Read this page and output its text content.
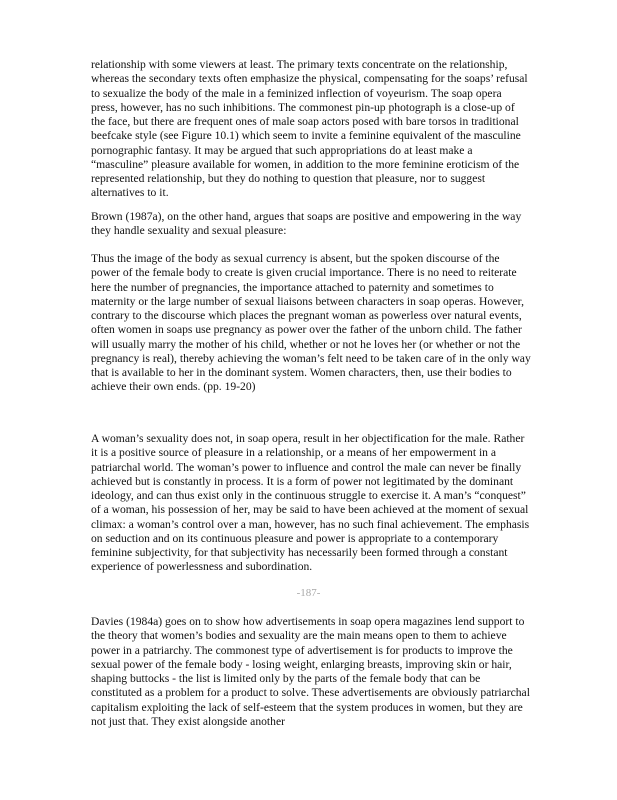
relationship with some viewers at least. The primary texts concentrate on the relationship, whereas the secondary texts often emphasize the physical, compensating for the soaps’ refusal to sexualize the body of the male in a feminized inflection of voyeurism. The soap opera press, however, has no such inhibitions. The commonest pin-up photograph is a close-up of the face, but there are frequent ones of male soap actors posed with bare torsos in traditional beefcake style (see Figure 10.1) which seem to invite a feminine equivalent of the masculine pornographic fantasy. It may be argued that such appropriations do at least make a “masculine” pleasure available for women, in addition to the more feminine eroticism of the represented relationship, but they do nothing to question that pleasure, nor to suggest alternatives to it.

Brown (1987a), on the other hand, argues that soaps are positive and empowering in the way they handle sexuality and sexual pleasure:

Thus the image of the body as sexual currency is absent, but the spoken discourse of the power of the female body to create is given crucial importance. There is no need to reiterate here the number of pregnancies, the importance attached to paternity and sometimes to maternity or the large number of sexual liaisons between characters in soap operas. However, contrary to the discourse which places the pregnant woman as powerless over natural events, often women in soaps use pregnancy as power over the father of the unborn child. The father will usually marry the mother of his child, whether or not he loves her (or whether or not the pregnancy is real), thereby achieving the woman’s felt need to be taken care of in the only way that is available to her in the dominant system. Women characters, then, use their bodies to achieve their own ends. (pp. 19-20)

A woman’s sexuality does not, in soap opera, result in her objectification for the male. Rather it is a positive source of pleasure in a relationship, or a means of her empowerment in a patriarchal world. The woman’s power to influence and control the male can never be finally achieved but is constantly in process. It is a form of power not legitimated by the dominant ideology, and can thus exist only in the continuous struggle to exercise it. A man’s “conquest” of a woman, his possession of her, may be said to have been achieved at the moment of sexual climax: a woman’s control over a man, however, has no such final achievement. The emphasis on seduction and on its continuous pleasure and power is appropriate to a contemporary feminine subjectivity, for that subjectivity has necessarily been formed through a constant experience of powerlessness and subordination.

-187-

Davies (1984a) goes on to show how advertisements in soap opera magazines lend support to the theory that women’s bodies and sexuality are the main means open to them to achieve power in a patriarchy. The commonest type of advertisement is for products to improve the sexual power of the female body - losing weight, enlarging breasts, improving skin or hair, shaping buttocks - the list is limited only by the parts of the female body that can be constituted as a problem for a product to solve. These advertisements are obviously patriarchal capitalism exploiting the lack of self-esteem that the system produces in women, but they are not just that. They exist alongside another
